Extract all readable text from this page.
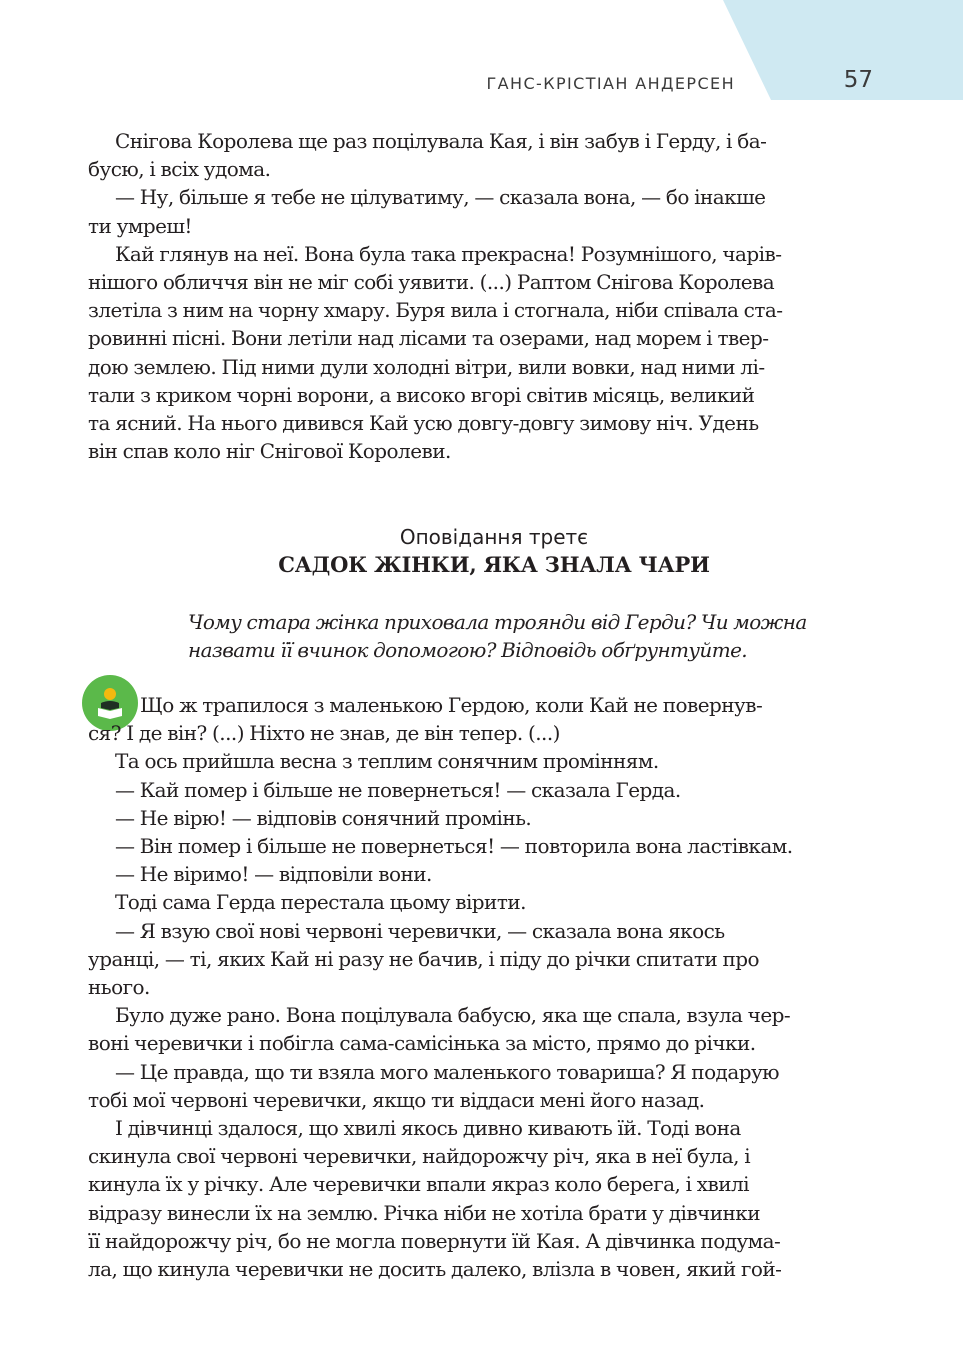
ГАНС-КРІСТІАН АНДЕРСЕН	57

Снігова Королева ще раз поцілувала Кая, і він забув і Герду, і ба-
бусю, і всіх удома.

— Ну, більше я тебе не цілуватиму, — сказала вона, — бо інакше
ти умреш!

Кай глянув на неї. Вона була така прекрасна! Розумнішого, чарів-
нішого обличчя він не міг собі уявити. (...) Раптом Снігова Королева
злетіла з ним на чорну хмару. Буря вила і стогнала, ніби співала ста-
ровинні пісні. Вони летіли над лісами та озерами, над морем і твер-
дою землею. Під ними дули холодні вітри, вили вовки, над ними лі-
тали з криком чорні ворони, а високо вгорі світив місяць, великий
та ясний. На нього дивився Кай усю довгу-довгу зимову ніч. Удень
він спав коло ніг Снігової Королеви.

Оповідання третє
САДОК ЖІНКИ, ЯКА ЗНАЛА ЧАРИ
Чому стара жінка приховала троянди від Герди? Чи можна
назвати її вчинок допомогою? Відповідь обґрунтуйте.

Що ж трапилося з маленькою Гердою, коли Кай не повернув-
ся? І де він? (...) Ніхто не знав, де він тепер. (...)

Та ось прийшла весна з теплим сонячним промінням.

— Кай помер і більше не повернеться! — сказала Герда.

— Не вірю! — відповів сонячний промінь.

— Він помер і більше не повернеться! — повторила вона ластівкам.

— Не віримо! — відповіли вони.

Тоді сама Герда перестала цьому вірити.

— Я взую свої нові червоні черевички, — сказала вона якось
уранці, — ті, яких Кай ні разу не бачив, і піду до річки спитати про
нього.

Було дуже рано. Вона поцілувала бабусю, яка ще спала, взула чер-
воні черевички і побігла сама-самісінька за місто, прямо до річки.

— Це правда, що ти взяла мого маленького товариша? Я подарую
тобі мої червоні черевички, якщо ти віддаси мені його назад.

І дівчинці здалося, що хвилі якось дивно кивають їй. Тоді вона
скинула свої червоні черевички, найдорожчу річ, яка в неї була, і
кинула їх у річку. Але черевички впали якраз коло берега, і хвилі
відразу винесли їх на землю. Річка ніби не хотіла брати у дівчинки
її найдорожчу річ, бо не могла повернути їй Кая. А дівчинка подума-
ла, що кинула черевички не досить далеко, влізла в човен, який гой-
